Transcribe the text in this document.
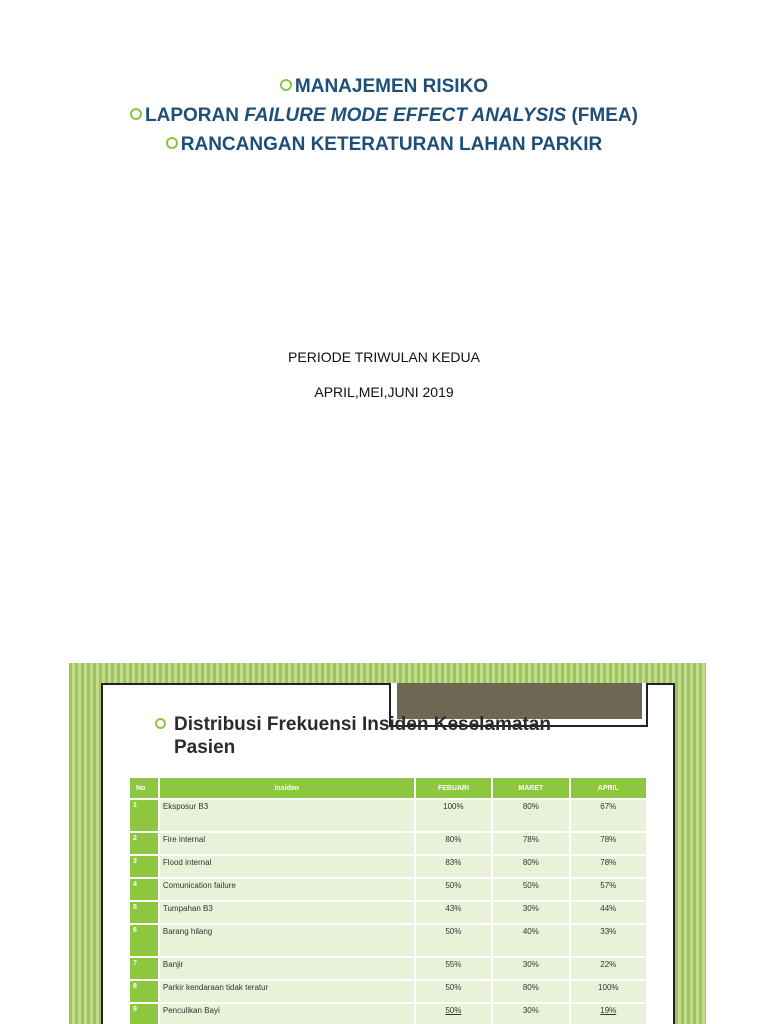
MANAJEMEN RISIKO
LAPORAN FAILURE MODE EFFECT ANALYSIS (FMEA)
RANCANGAN KETERATURAN LAHAN PARKIR
PERIODE TRIWULAN KEDUA
APRIL,MEI,JUNI 2019
Distribusi Frekuensi Insiden Keselamatan
Pasien
No	Insiden	FEBUARI	MARET	APRIL
1	Eksposur B3	100%	80%	67%
2	Fire internal	80%	78%	78%
3	Flood internal	83%	80%	78%
4	Comunication failure	50%	50%	57%
5	Tumpahan B3	43%	30%	44%
6	Barang hilang	50%	40%	33%
7	Banjir	55%	30%	22%
8	Parkir kendaraan tidak teratur	50%	80%	100%
9	Penculikan Bayi	50%	30%	19%
